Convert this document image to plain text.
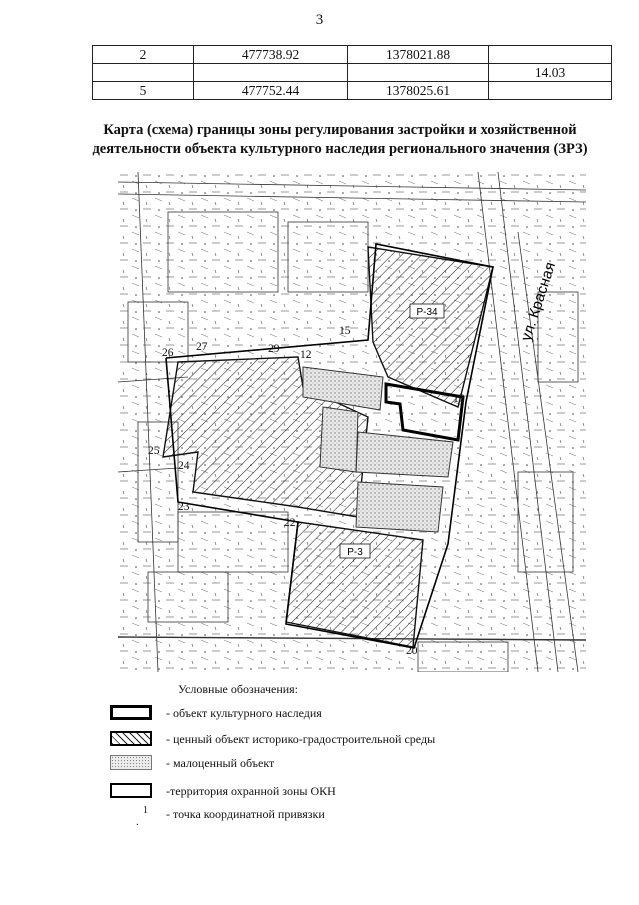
3
2	477738.92	1378021.88	
			14.03
5	477752.44	1378025.61	
Карта (схема) границы зоны регулирования застройки и хозяйственной
деятельности объекта культурного наследия регионального значения (ЗРЗ)
Р-34
Р-3
ул. Красная
26 27	29 12
15
25
24
23
22
20
16
Условные обозначения:
- объект культурного наследия
- ценный объект историко-градостроительной среды
- малоценный объект
-территория охранной зоны ОКН
.
1 - точка координатной привязки
